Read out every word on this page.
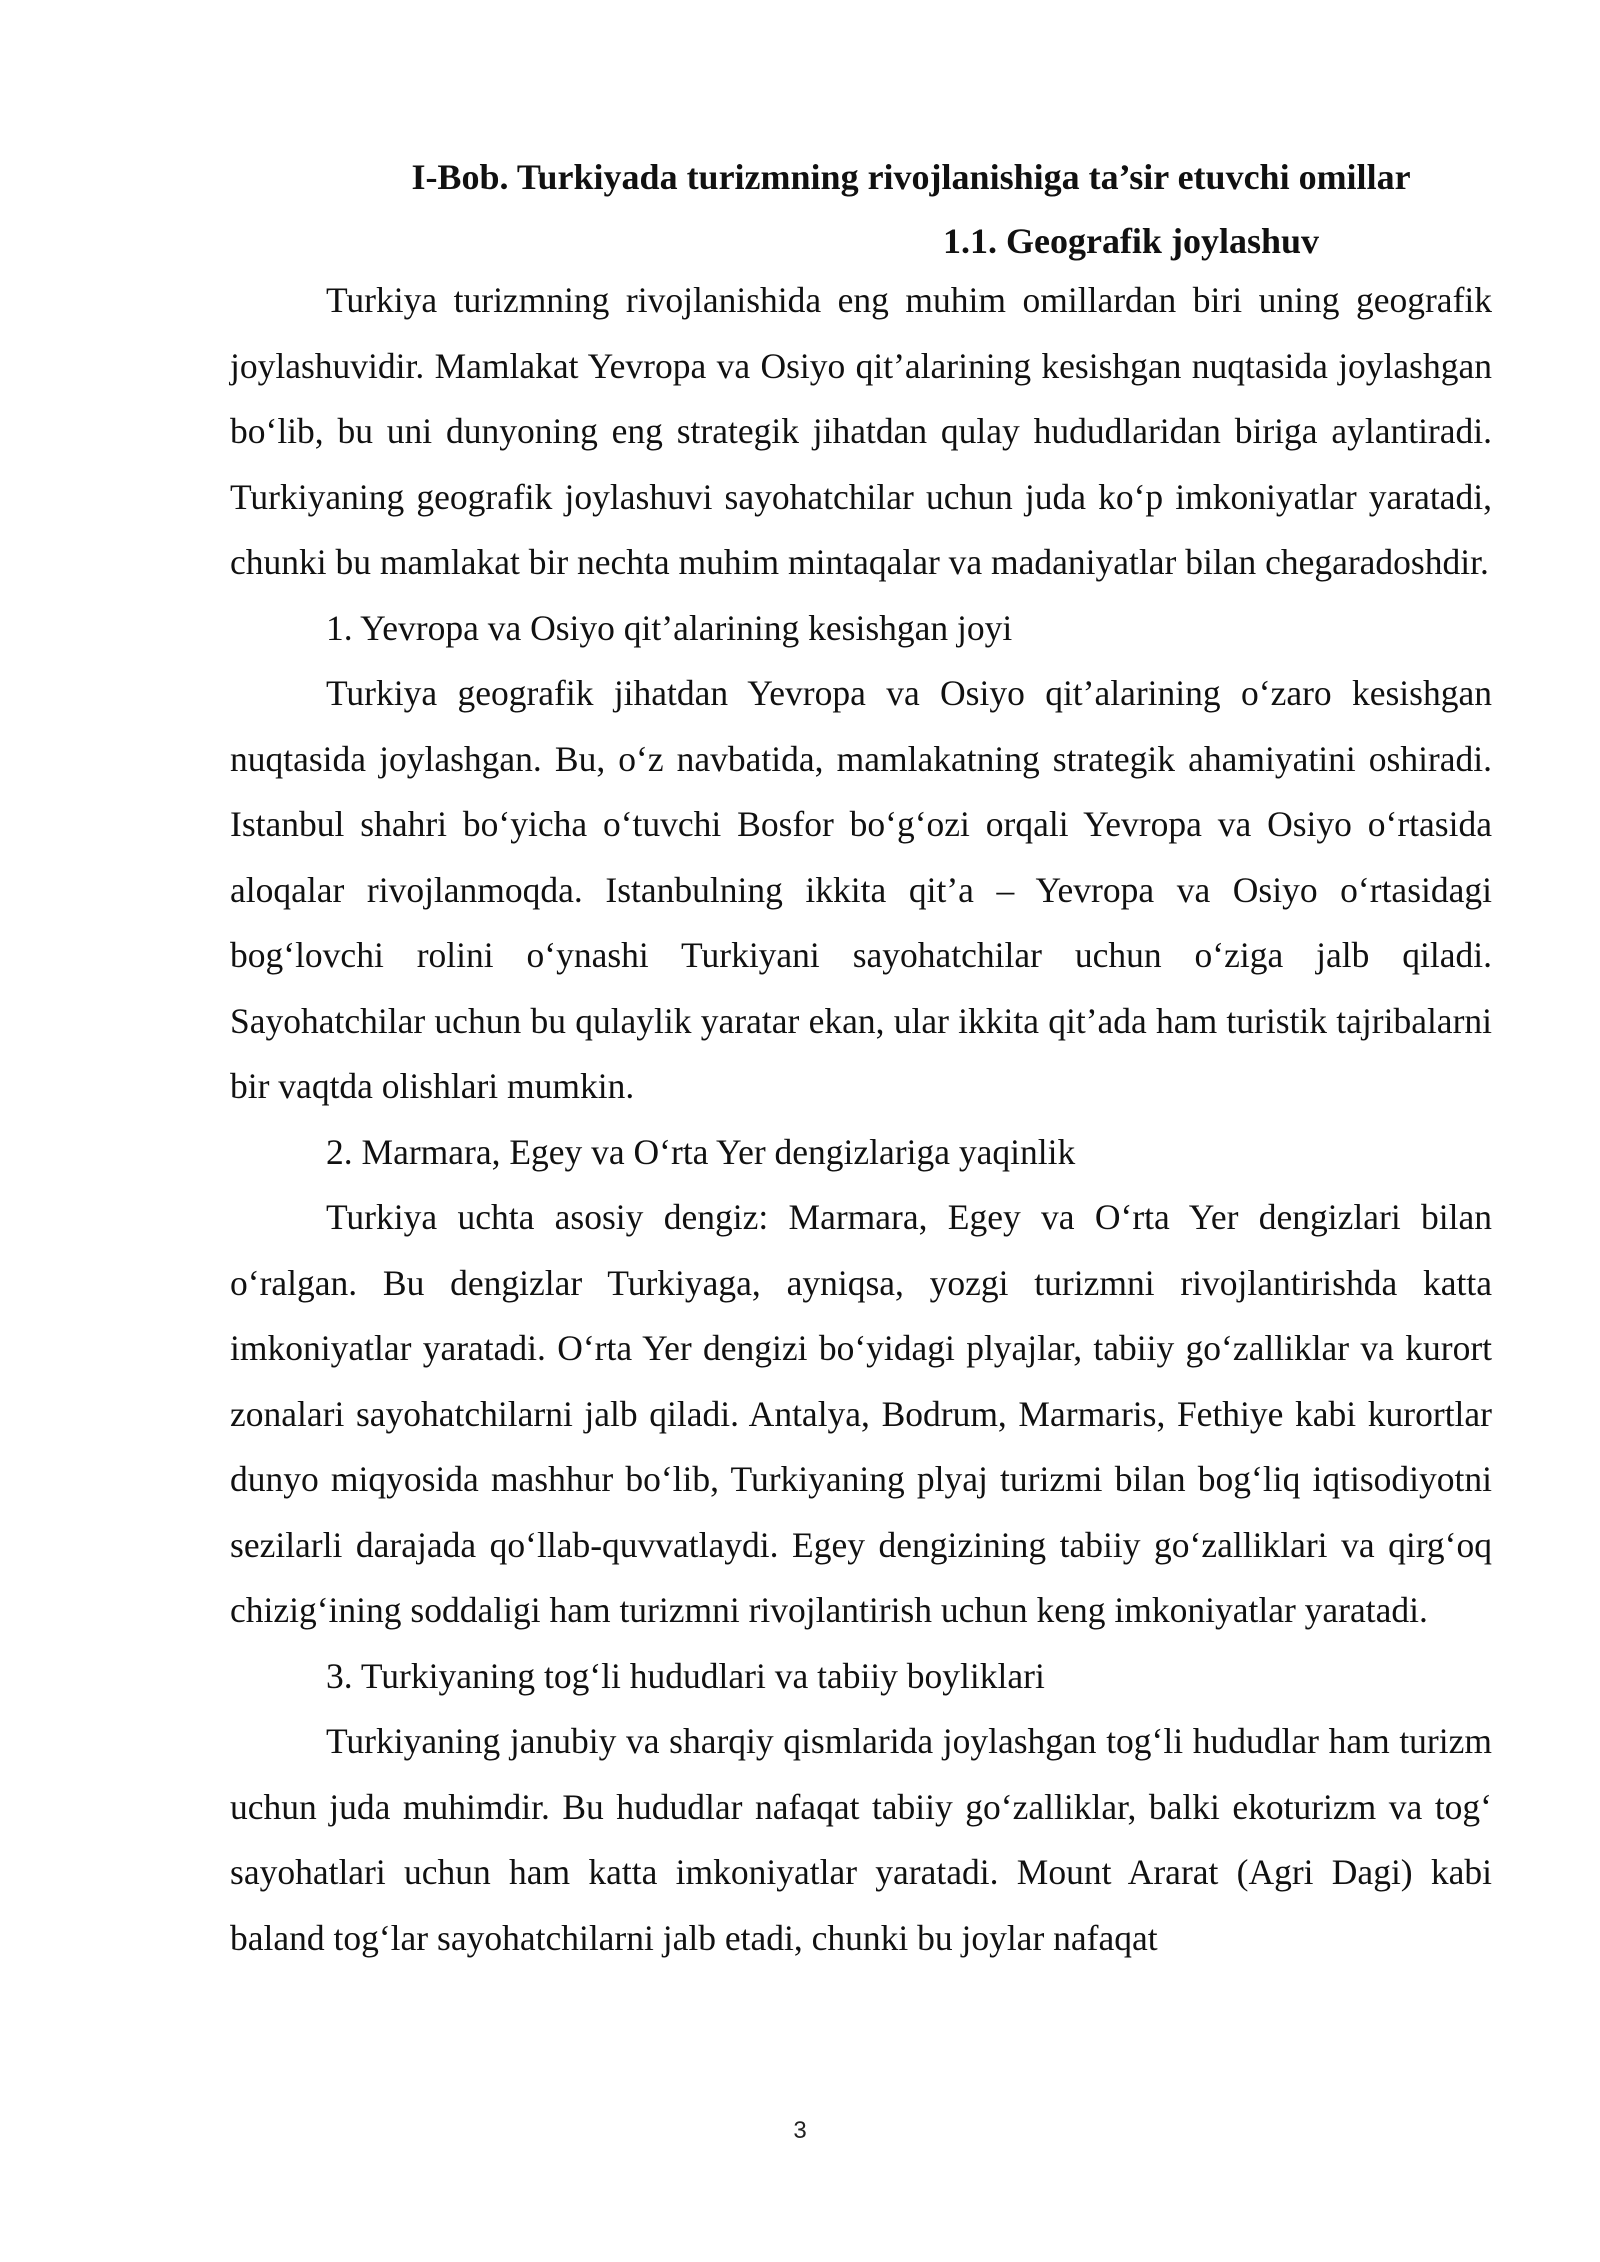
I-Bob. Turkiyada turizmning rivojlanishiga ta’sir etuvchi omillar
1.1. Geografik joylashuv

Turkiya turizmning rivojlanishida eng muhim omillardan biri uning geografik joylashuvidir. Mamlakat Yevropa va Osiyo qit’alarining kesishgan nuqtasida joylashgan bo‘lib, bu uni dunyoning eng strategik jihatdan qulay hududlaridan biriga aylantiradi. Turkiyaning geografik joylashuvi sayohatchilar uchun juda ko‘p imkoniyatlar yaratadi, chunki bu mamlakat bir nechta muhim mintaqalar va madaniyatlar bilan chegaradoshdir.

1. Yevropa va Osiyo qit’alarining kesishgan joyi

Turkiya geografik jihatdan Yevropa va Osiyo qit’alarining o‘zaro kesishgan nuqtasida joylashgan. Bu, o‘z navbatida, mamlakatning strategik ahamiyatini oshiradi. Istanbul shahri bo‘yicha o‘tuvchi Bosfor bo‘g‘ozi orqali Yevropa va Osiyo o‘rtasida aloqalar rivojlanmoqda. Istanbulning ikkita qit’a – Yevropa va Osiyo o‘rtasidagi bog‘lovchi rolini o‘ynashi Turkiyani sayohatchilar uchun o‘ziga jalb qiladi. Sayohatchilar uchun bu qulaylik yaratar ekan, ular ikkita qit’ada ham turistik tajribalarni bir vaqtda olishlari mumkin.

2. Marmara, Egey va O‘rta Yer dengizlariga yaqinlik

Turkiya uchta asosiy dengiz: Marmara, Egey va O‘rta Yer dengizlari bilan o‘ralgan. Bu dengizlar Turkiyaga, ayniqsa, yozgi turizmni rivojlantirishda katta imkoniyatlar yaratadi. O‘rta Yer dengizi bo‘yidagi plyajlar, tabiiy go‘zalliklar va kurort zonalari sayohatchilarni jalb qiladi. Antalya, Bodrum, Marmaris, Fethiye kabi kurortlar dunyo miqyosida mashhur bo‘lib, Turkiyaning plyaj turizmi bilan bog‘liq iqtisodiyotni sezilarli darajada qo‘llab-quvvatlaydi. Egey dengizining tabiiy go‘zalliklari va qirg‘oq chizig‘ining soddaligi ham turizmni rivojlantirish uchun keng imkoniyatlar yaratadi.

3. Turkiyaning tog‘li hududlari va tabiiy boyliklari

Turkiyaning janubiy va sharqiy qismlarida joylashgan tog‘li hududlar ham turizm uchun juda muhimdir. Bu hududlar nafaqat tabiiy go‘zalliklar, balki ekoturizm va tog‘ sayohatlari uchun ham katta imkoniyatlar yaratadi. Mount Ararat (Agri Dagi) kabi baland tog‘lar sayohatchilarni jalb etadi, chunki bu joylar nafaqat

3
